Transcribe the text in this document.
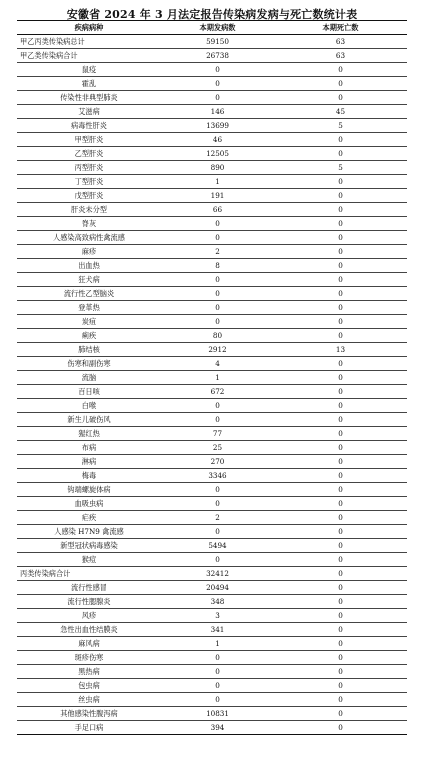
安徽省 2024 年 3 月法定报告传染病发病与死亡数统计表
疾病病种	本期发病数	本期死亡数
甲乙丙类传染病总计	59150	63
甲乙类传染病合计	26738	63
鼠疫	0	0
霍乱	0	0
传染性非典型肺炎	0	0
艾滋病	146	45
病毒性肝炎	13699	5
甲型肝炎	46	0
乙型肝炎	12505	0
丙型肝炎	890	5
丁型肝炎	1	0
戊型肝炎	191	0
肝炎未分型	66	0
脊灰	0	0
人感染高致病性禽流感	0	0
麻疹	2	0
出血热	8	0
狂犬病	0	0
流行性乙型脑炎	0	0
登革热	0	0
炭疽	0	0
痢疾	80	0
肺结核	2912	13
伤寒和副伤寒	4	0
流脑	1	0
百日咳	672	0
白喉	0	0
新生儿破伤风	0	0
猩红热	77	0
布病	25	0
淋病	270	0
梅毒	3346	0
钩端螺旋体病	0	0
血吸虫病	0	0
疟疾	2	0
人感染 H7N9 禽流感	0	0
新型冠状病毒感染	5494	0
猴痘	0	0
丙类传染病合计	32412	0
流行性感冒	20494	0
流行性腮腺炎	348	0
风疹	3	0
急性出血性结膜炎	341	0
麻风病	1	0
斑疹伤寒	0	0
黑热病	0	0
包虫病	0	0
丝虫病	0	0
其他感染性腹泻病	10831	0
手足口病	394	0
